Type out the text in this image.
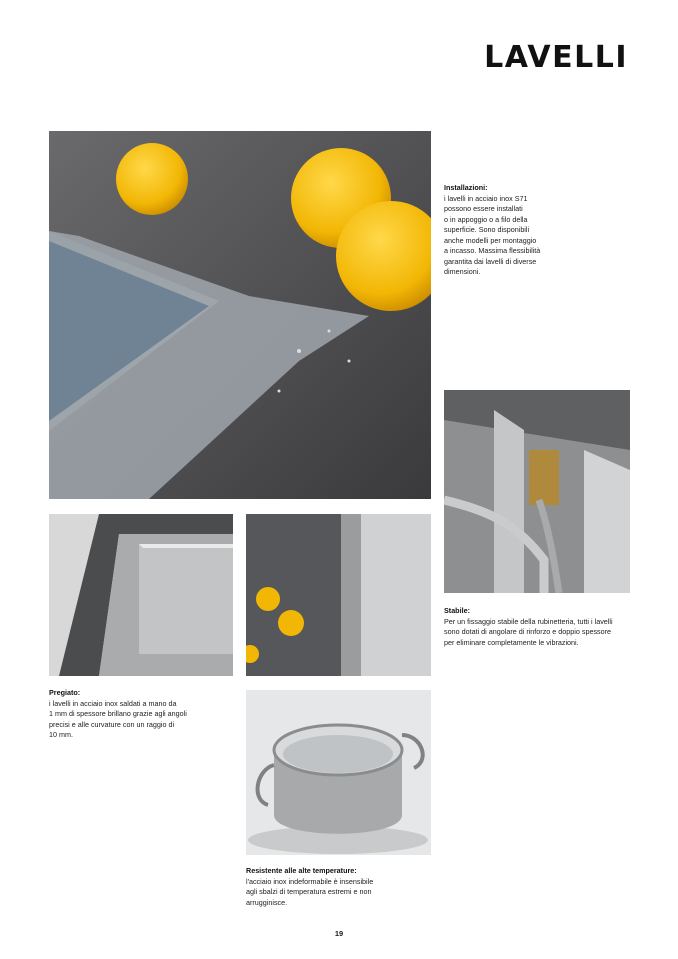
LAVELLI
Installazioni:
i lavelli in acciaio inox S71
possono essere installati
o in appoggio o a filo della
superficie. Sono disponibili
anche modelli per montaggio
a incasso. Massima flessibilità
garantita dai lavelli di diverse
dimensioni.
Stabile:
Per un fissaggio stabile della rubinetteria, tutti i lavelli
sono dotati di angolare di rinforzo e doppio spessore
per eliminare completamente le vibrazioni.
Pregiato:
i lavelli in acciaio inox saldati a mano da
1 mm di spessore brillano grazie agli angoli
precisi e alle curvature con un raggio di
10 mm.
Resistente alle alte temperature:
l'acciaio inox indeformabile è insensibile
agli sbalzi di temperatura estremi e non
arrugginisce.
19
